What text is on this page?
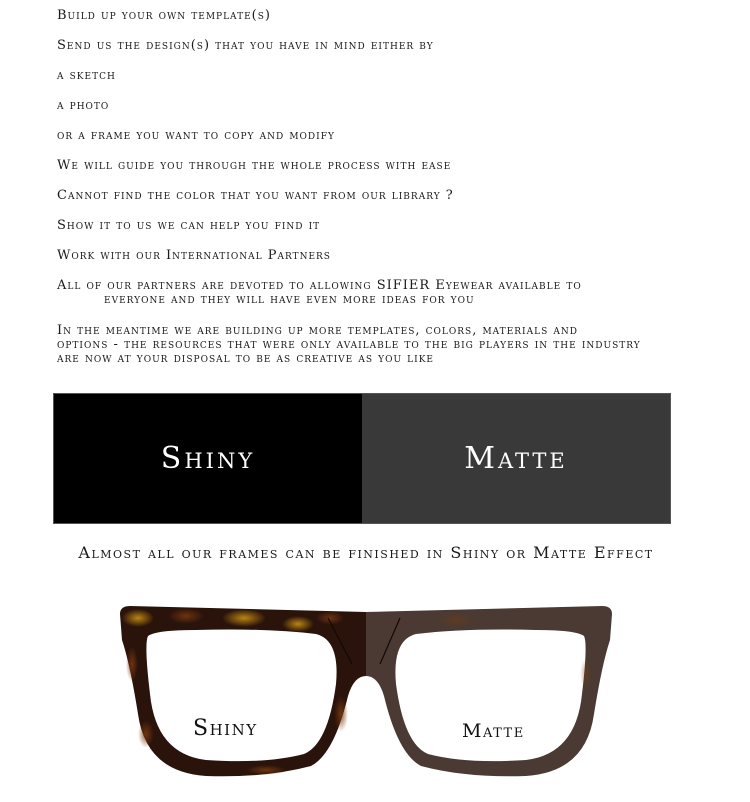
Build up your own template(s)

Send us the design(s) that you have in mind either by

a sketch

a photo

or a frame you want to copy and modify

We will guide you through the whole process with ease

Cannot find the color that you want from our library ?

Show it to us we can help you find it

Work with our International Partners

All of our partners are devoted to allowing SIFIER Eyewear available to
everyone and they will have even more ideas for you

In the meantime we are building up more templates, colors, materials and
options - the resources that were only available to the big players in the industry
are now at your disposal to be as creative as you like

Shiny	Matte

Almost all our frames can be finished in Shiny or Matte Effect

Shiny	Matte
